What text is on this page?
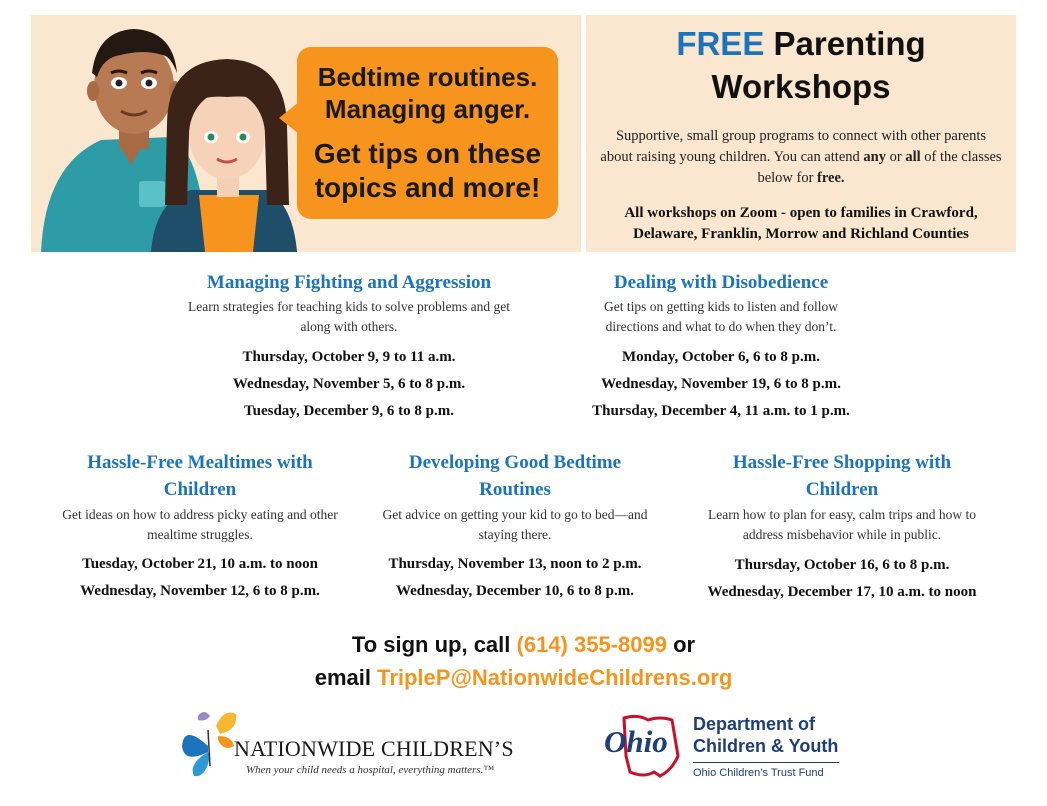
Bedtime routines.
Managing anger.
Get tips on these
topics and more!
FREE Parenting
Workshops
Supportive, small group programs to connect with other parents about raising young children. You can attend any or all of the classes below for free.
All workshops on Zoom - open to families in Crawford, Delaware, Franklin, Morrow and Richland Counties
Managing Fighting and Aggression
Learn strategies for teaching kids to solve problems and get along with others.
Thursday, October 9, 9 to 11 a.m.
Wednesday, November 5, 6 to 8 p.m.
Tuesday, December 9, 6 to 8 p.m.
Dealing with Disobedience
Get tips on getting kids to listen and follow directions and what to do when they don’t.
Monday, October 6, 6 to 8 p.m.
Wednesday, November 19, 6 to 8 p.m.
Thursday, December 4, 11 a.m. to 1 p.m.
Hassle-Free Mealtimes with Children
Get ideas on how to address picky eating and other mealtime struggles.
Tuesday, October 21, 10 a.m. to noon
Wednesday, November 12, 6 to 8 p.m.
Developing Good Bedtime Routines
Get advice on getting your kid to go to bed—and staying there.
Thursday, November 13, noon to 2 p.m.
Wednesday, December 10, 6 to 8 p.m.
Hassle-Free Shopping with Children
Learn how to plan for easy, calm trips and how to address misbehavior while in public.
Thursday, October 16, 6 to 8 p.m.
Wednesday, December 17, 10 a.m. to noon
To sign up, call (614) 355-8099 or
email TripleP@NationwideChildrens.org
NATIONWIDE CHILDREN’S
When your child needs a hospital, everything matters.™
Ohio Department of
Children & Youth
Ohio Children’s Trust Fund
